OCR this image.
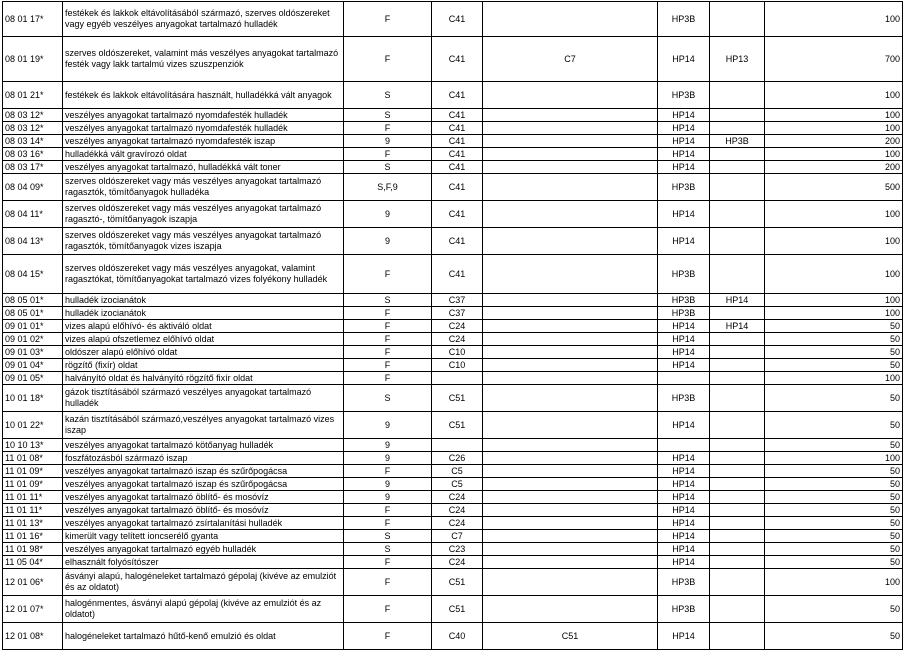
08 01 17*	festékek és lakkok eltávolításából származó, szerves oldószereket vagy egyéb veszélyes anyagokat tartalmazó hulladék	F	C41		HP3B		100
08 01 19*	szerves oldószereket, valamint más veszélyes anyagokat tartalmazó festék vagy lakk tartalmú vizes szuszpenziók	F	C41	C7	HP14	HP13	700
08 01 21*	festékek és lakkok eltávolítására használt, hulladékká vált anyagok	S	C41		HP3B		100
08 03 12*	veszélyes anyagokat tartalmazó nyomdafesték hulladék	S	C41		HP14		100
08 03 12*	veszélyes anyagokat tartalmazó nyomdafesték hulladék	F	C41		HP14		100
08 03 14*	veszélyes anyagokat tartalmazó nyomdafesték iszap	9	C41		HP14	HP3B	200
08 03 16*	hulladékká vált gravírozó oldat	F	C41		HP14		100
08 03 17*	veszélyes anyagokat tartalmazó, hulladékká vált toner	S	C41		HP14		200
08 04 09*	szerves oldószereket vagy más veszélyes anyagokat tartalmazó ragasztók, tömítőanyagok hulladéka	S,F,9	C41		HP3B		500
08 04 11*	szerves oldószereket vagy más veszélyes anyagokat tartalmazó ragasztó-, tömítőanyagok iszapja	9	C41		HP14		100
08 04 13*	szerves oldószereket vagy más veszélyes anyagokat tartalmazó ragasztók, tömítőanyagok vizes iszapja	9	C41		HP14		100
08 04 15*	szerves oldószereket vagy más veszélyes anyagokat, valamint ragasztókat, tömítőanyagokat tartalmazó vizes folyékony hulladék	F	C41		HP3B		100
08 05 01*	hulladék izocianátok	S	C37		HP3B	HP14	100
08 05 01*	hulladék izocianátok	F	C37		HP3B		100
09 01 01*	vizes alapú előhívó- és aktiváló oldat	F	C24		HP14	HP14	50
09 01 02*	vizes alapú ofszetlemez előhívó oldat	F	C24		HP14		50
09 01 03*	oldószer alapú előhívó oldat	F	C10		HP14		50
09 01 04*	rögzítő (fixír) oldat	F	C10		HP14		50
09 01 05*	halványító oldat és halványító rögzítő fixír oldat	F					100
10 01 18*	gázok tisztításából származó veszélyes anyagokat tartalmazó hulladék	S	C51		HP3B		50
10 01 22*	kazán tisztításából származó,veszélyes anyagokat tartalmazó vizes iszap	9	C51		HP14		50
10 10 13*	veszélyes anyagokat tartalmazó kötőanyag hulladék	9					50
11 01 08*	foszfátozásból származó iszap	9	C26		HP14		100
11 01 09*	veszélyes anyagokat tartalmazó iszap és szűrőpogácsa	F	C5		HP14		50
11 01 09*	veszélyes anyagokat tartalmazó iszap és szűrőpogácsa	9	C5		HP14		50
11 01 11*	veszélyes anyagokat tartalmazó öblítő- és mosóvíz	9	C24		HP14		50
11 01 11*	veszélyes anyagokat tartalmazó öblítő- és mosóvíz	F	C24		HP14		50
11 01 13*	veszélyes anyagokat tartalmazó zsírtalanítási hulladék	F	C24		HP14		50
11 01 16*	kimerült vagy telített ioncserélő gyanta	S	C7		HP14		50
11 01 98*	veszélyes anyagokat tartalmazó egyéb hulladék	S	C23		HP14		50
11 05 04*	elhasznált folyósítószer	F	C24		HP14		50
12 01 06*	ásványi alapú, halogéneleket tartalmazó gépolaj (kivéve az emulziót és az oldatot)	F	C51		HP3B		100
12 01 07*	halogénmentes, ásványi alapú gépolaj (kivéve az emulziót és az oldatot)	F	C51		HP3B		50
12 01 08*	halogéneleket tartalmazó hűtő-kenő emulzió és oldat	F	C40	C51	HP14		50
